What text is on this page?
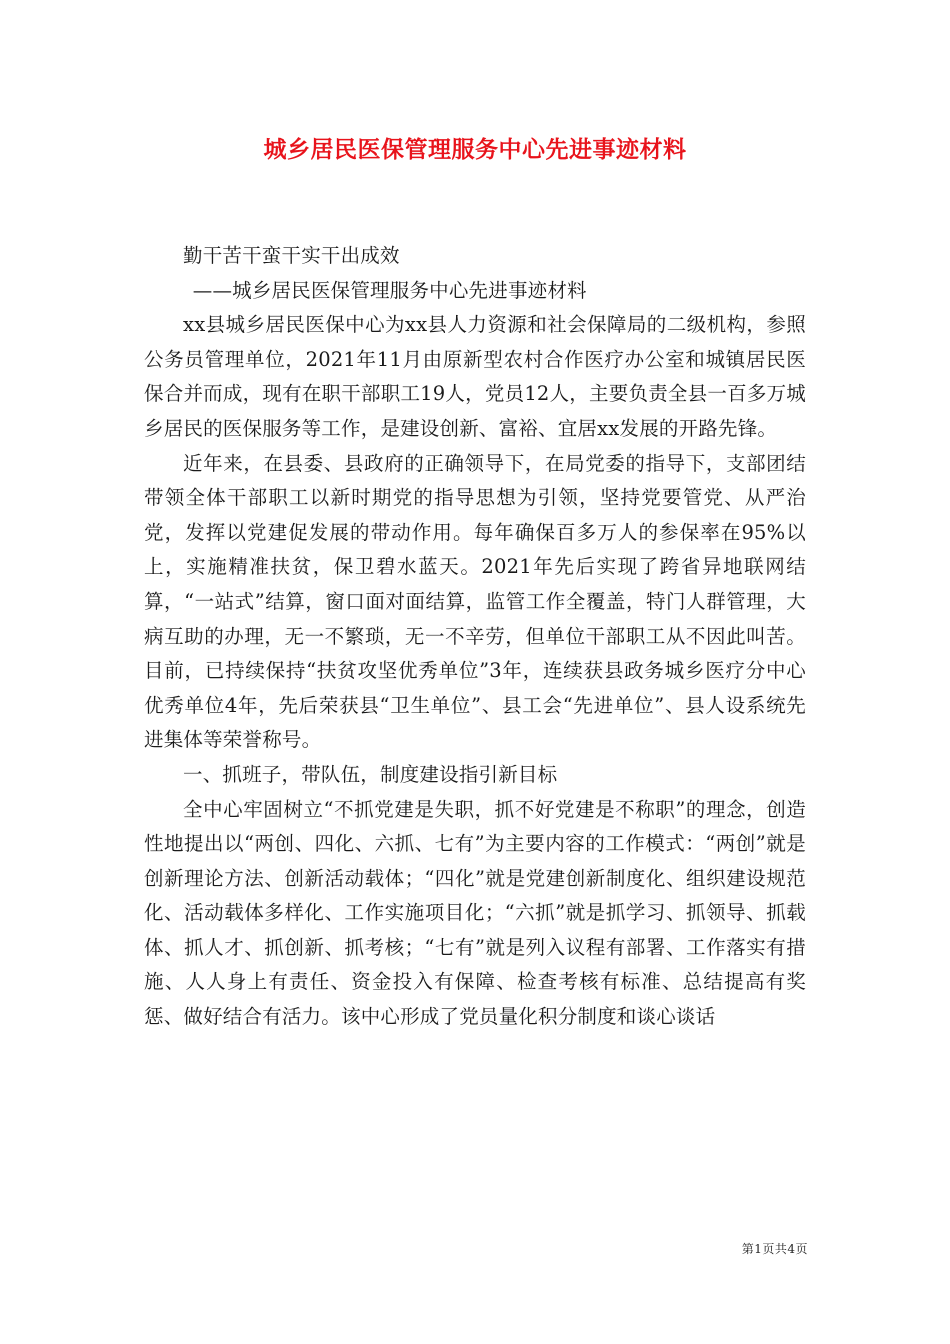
城乡居民医保管理服务中心先进事迹材料

勤干苦干蛮干实干出成效

——城乡居民医保管理服务中心先进事迹材料

xx县城乡居民医保中心为xx县人力资源和社会保障局的二级机构，参照公务员管理单位，2021年11月由原新型农村合作医疗办公室和城镇居民医保合并而成，现有在职干部职工19人，党员12人，主要负责全县一百多万城乡居民的医保服务等工作，是建设创新、富裕、宜居xx发展的开路先锋。

近年来，在县委、县政府的正确领导下，在局党委的指导下，支部团结带领全体干部职工以新时期党的指导思想为引领，坚持党要管党、从严治党，发挥以党建促发展的带动作用。每年确保百多万人的参保率在95%以上，实施精准扶贫，保卫碧水蓝天。2021年先后实现了跨省异地联网结算，“一站式”结算，窗口面对面结算，监管工作全覆盖，特门人群管理，大病互助的办理，无一不繁琐，无一不辛劳，但单位干部职工从不因此叫苦。目前，已持续保持“扶贫攻坚优秀单位”3年，连续获县政务城乡医疗分中心优秀单位4年，先后荣获县“卫生单位”、县工会“先进单位”、县人设系统先进集体等荣誉称号。

一、抓班子，带队伍，制度建设指引新目标

全中心牢固树立“不抓党建是失职，抓不好党建是不称职”的理念，创造性地提出以“两创、四化、六抓、七有”为主要内容的工作模式：“两创”就是创新理论方法、创新活动载体；“四化”就是党建创新制度化、组织建设规范化、活动载体多样化、工作实施项目化；“六抓”就是抓学习、抓领导、抓载体、抓人才、抓创新、抓考核；“七有”就是列入议程有部署、工作落实有措施、人人身上有责任、资金投入有保障、检查考核有标准、总结提高有奖惩、做好结合有活力。该中心形成了党员量化积分制度和谈心谈话

第1页共4页
